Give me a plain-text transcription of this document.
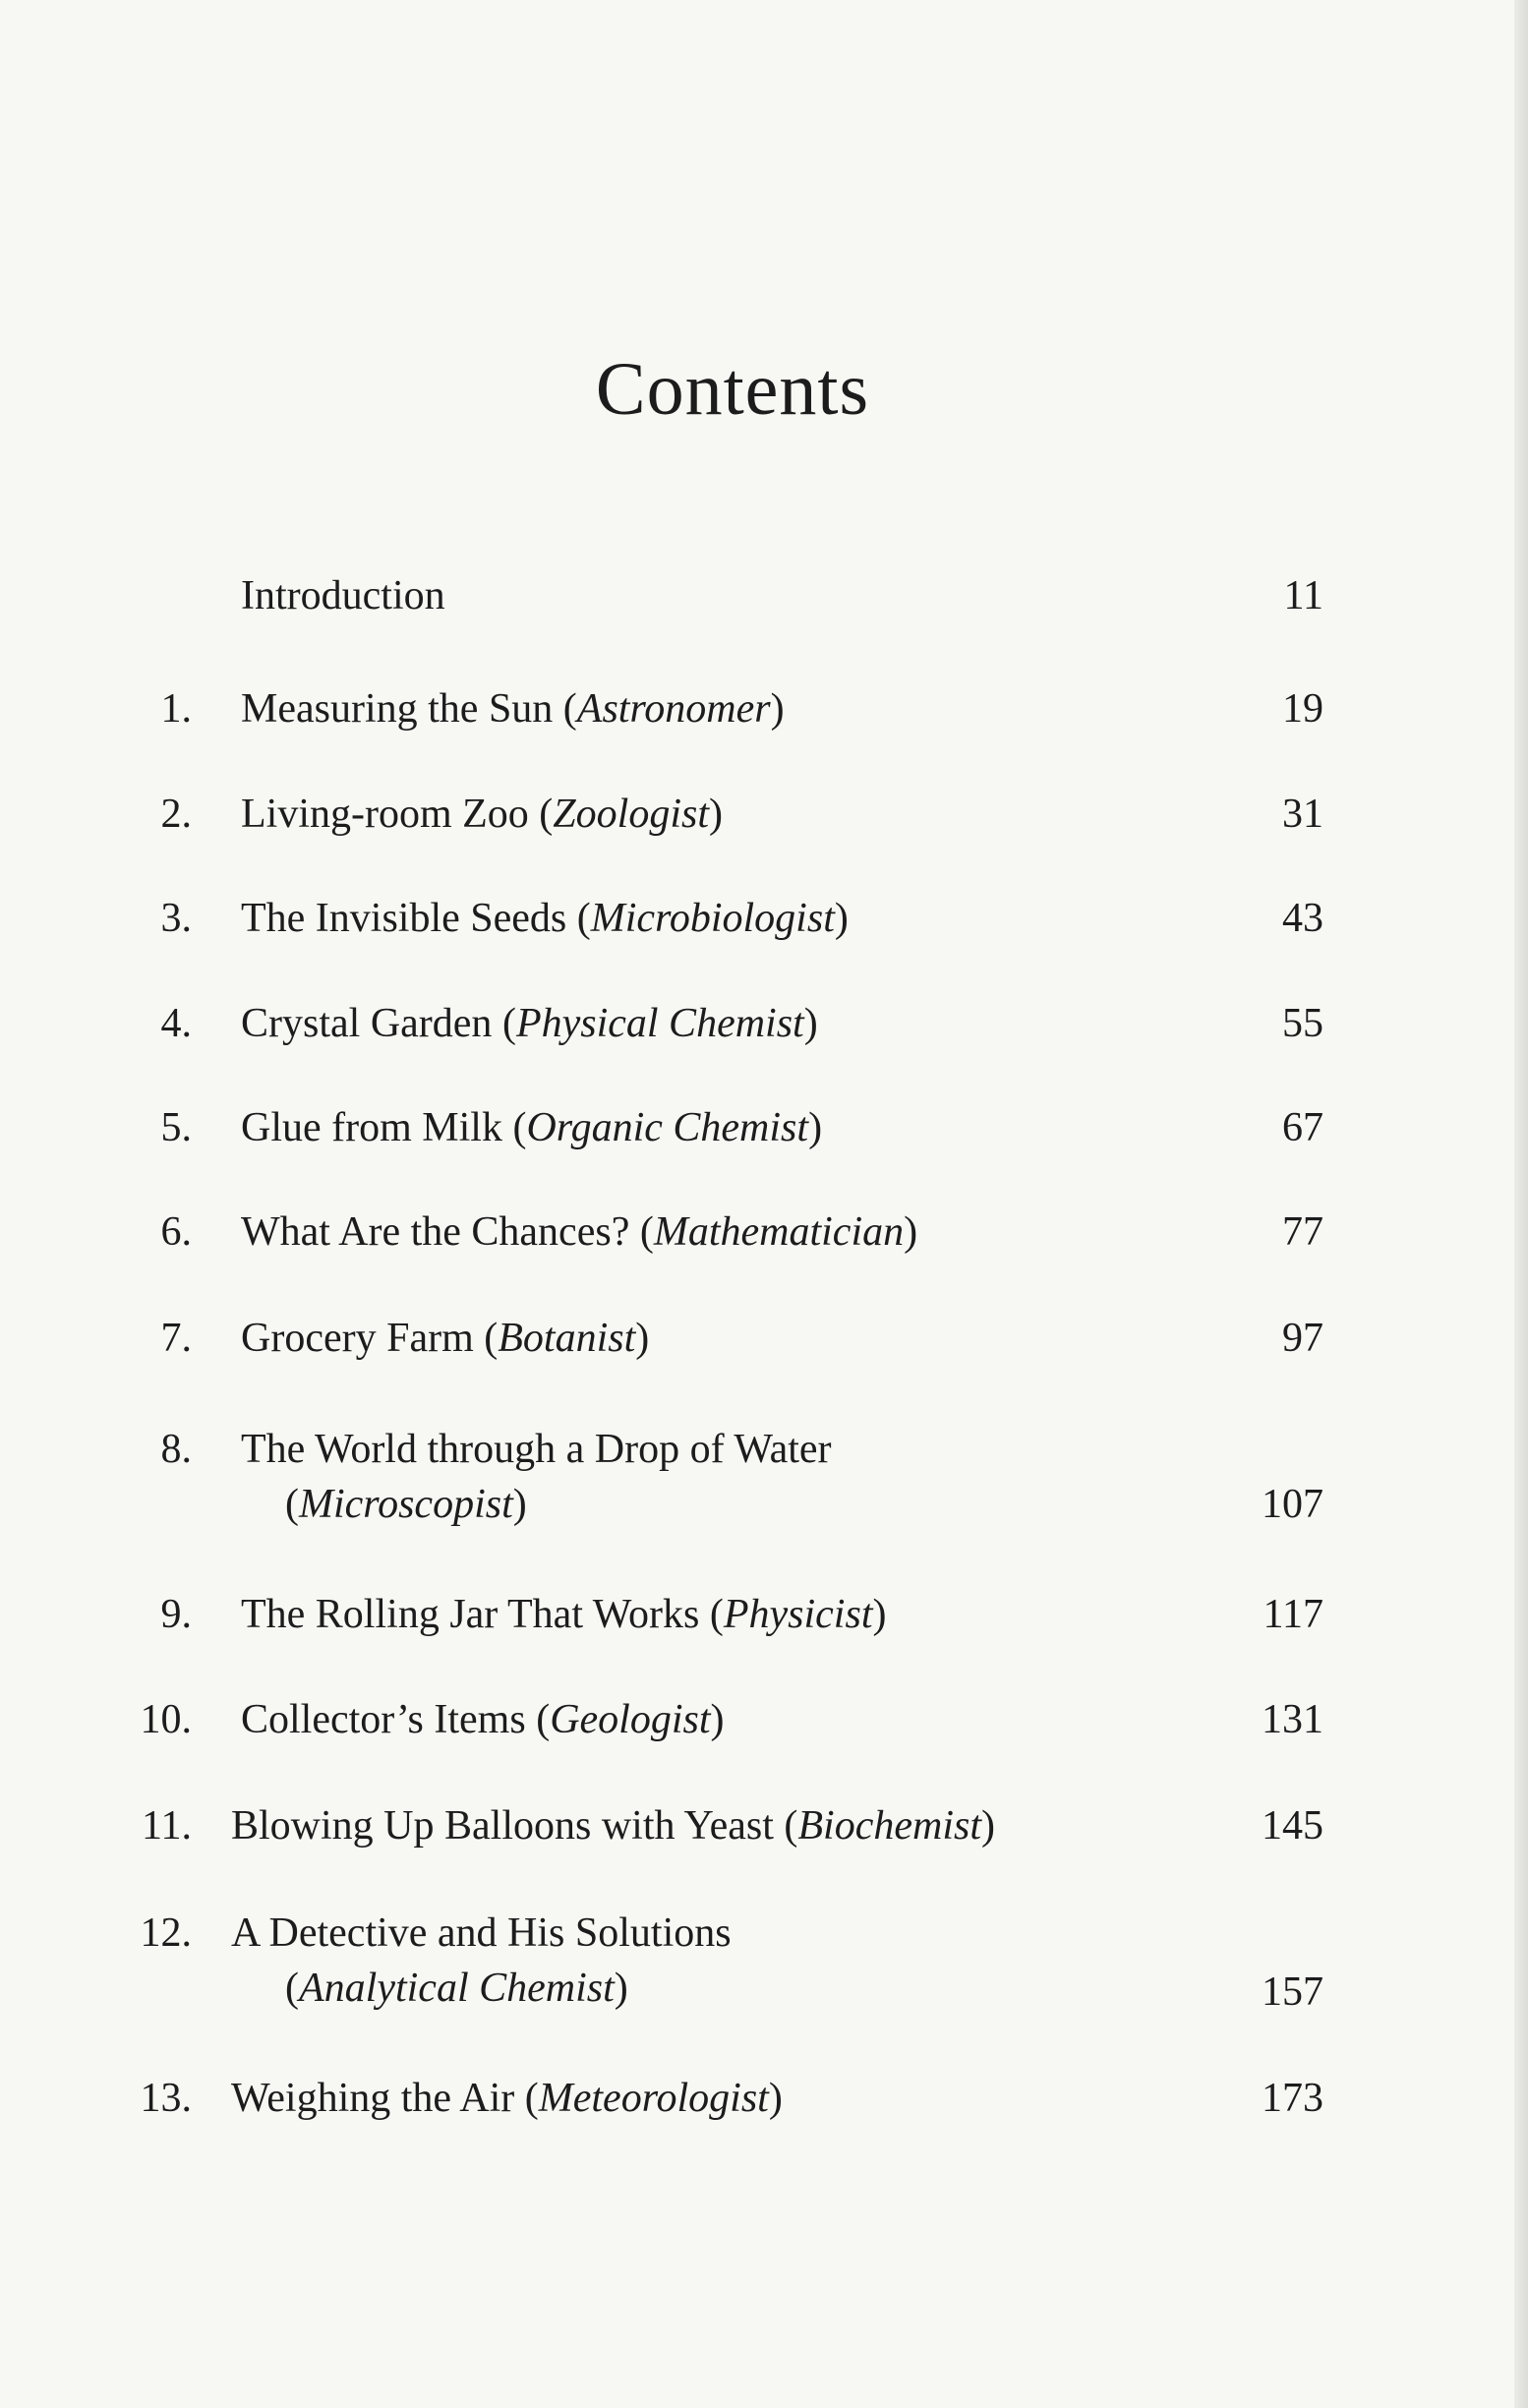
Contents
Introduction	11
1. Measuring the Sun (Astronomer)	19
2. Living-room Zoo (Zoologist)	31
3. The Invisible Seeds (Microbiologist)	43
4. Crystal Garden (Physical Chemist)	55
5. Glue from Milk (Organic Chemist)	67
6. What Are the Chances? (Mathematician)	77
7. Grocery Farm (Botanist)	97
8. The World through a Drop of Water
(Microscopist)	107
9. The Rolling Jar That Works (Physicist)	117
10. Collector’s Items (Geologist)	131
11. Blowing Up Balloons with Yeast (Biochemist)	145
12. A Detective and His Solutions
(Analytical Chemist)	157
13. Weighing the Air (Meteorologist)	173
